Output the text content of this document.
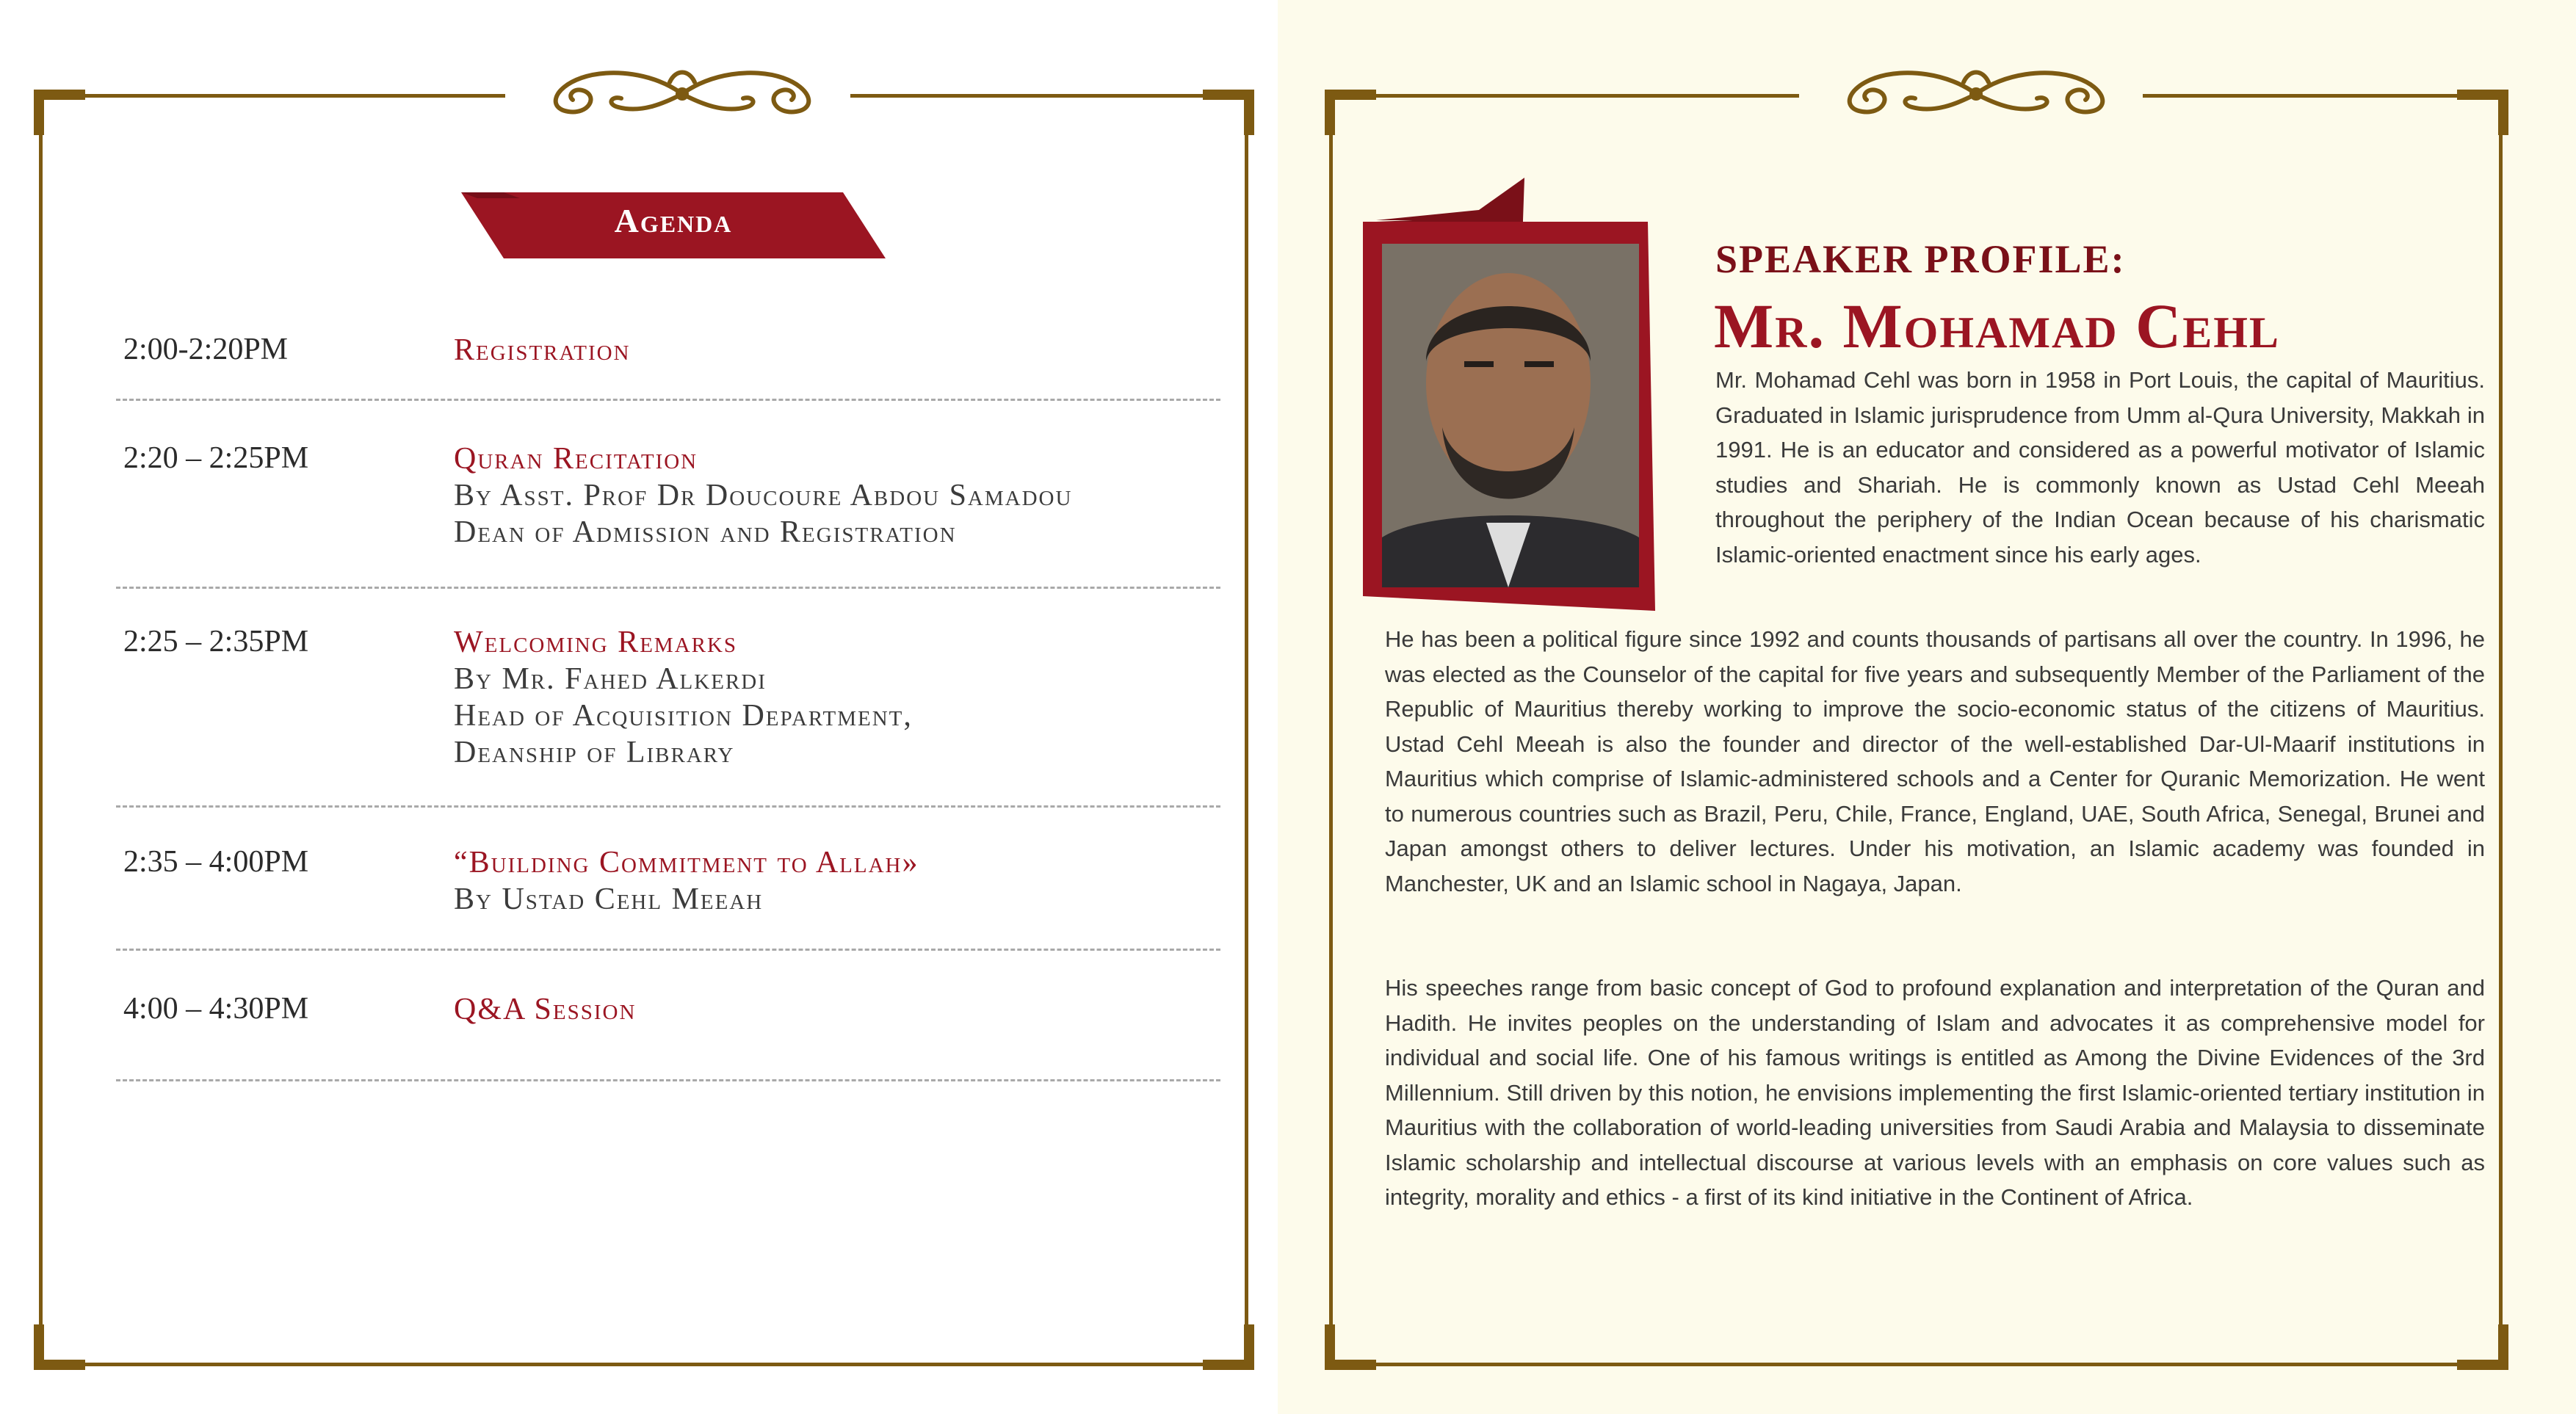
Agenda
2:00-2:20PM	Registration
2:20 – 2:25PM	Quran Recitation
By Asst. Prof Dr Doucoure Abdou Samadou
Dean of Admission and Registration
2:25 – 2:35PM	Welcoming Remarks
By Mr. Fahed Alkerdi
Head of Acquisition Department,
Deanship of Library
2:35 – 4:00PM	“Building Commitment to Allah»
By Ustad Cehl Meeah
4:00 – 4:30PM	Q&A Session
SPEAKER PROFILE:
Mr. Mohamad Cehl

Mr. Mohamad Cehl was born in 1958 in Port Louis, the capital of Mauritius. Graduated in Islamic jurisprudence from Umm al-Qura University, Makkah in 1991. He is an educator and considered as a powerful motivator of Islamic studies and Shariah. He is commonly known as Ustad Cehl Meeah throughout the periphery of the Indian Ocean because of his charismatic Islamic-oriented enactment since his early ages.

He has been a political figure since 1992 and counts thousands of partisans all over the country. In 1996, he was elected as the Counselor of the capital for five years and subsequently Member of the Parliament of the Republic of Mauritius thereby working to improve the socio-economic status of the citizens of Mauritius. Ustad Cehl Meeah is also the founder and director of the well-established Dar-Ul-Maarif institutions in Mauritius which comprise of Islamic-administered schools and a Center for Quranic Memorization. He went to numerous countries such as Brazil, Peru, Chile, France, England, UAE, South Africa, Senegal, Brunei and Japan amongst others to deliver lectures. Under his motivation, an Islamic academy was founded in Manchester, UK and an Islamic school in Nagaya, Japan.

His speeches range from basic concept of God to profound explanation and interpretation of the Quran and Hadith. He invites peoples on the understanding of Islam and advocates it as comprehensive model for individual and social life. One of his famous writings is entitled as Among the Divine Evidences of the 3rd Millennium. Still driven by this notion, he envisions implementing the first Islamic-oriented tertiary institution in Mauritius with the collaboration of world-leading universities from Saudi Arabia and Malaysia to disseminate Islamic scholarship and intellectual discourse at various levels with an emphasis on core values such as integrity, morality and ethics - a first of its kind initiative in the Continent of Africa.
